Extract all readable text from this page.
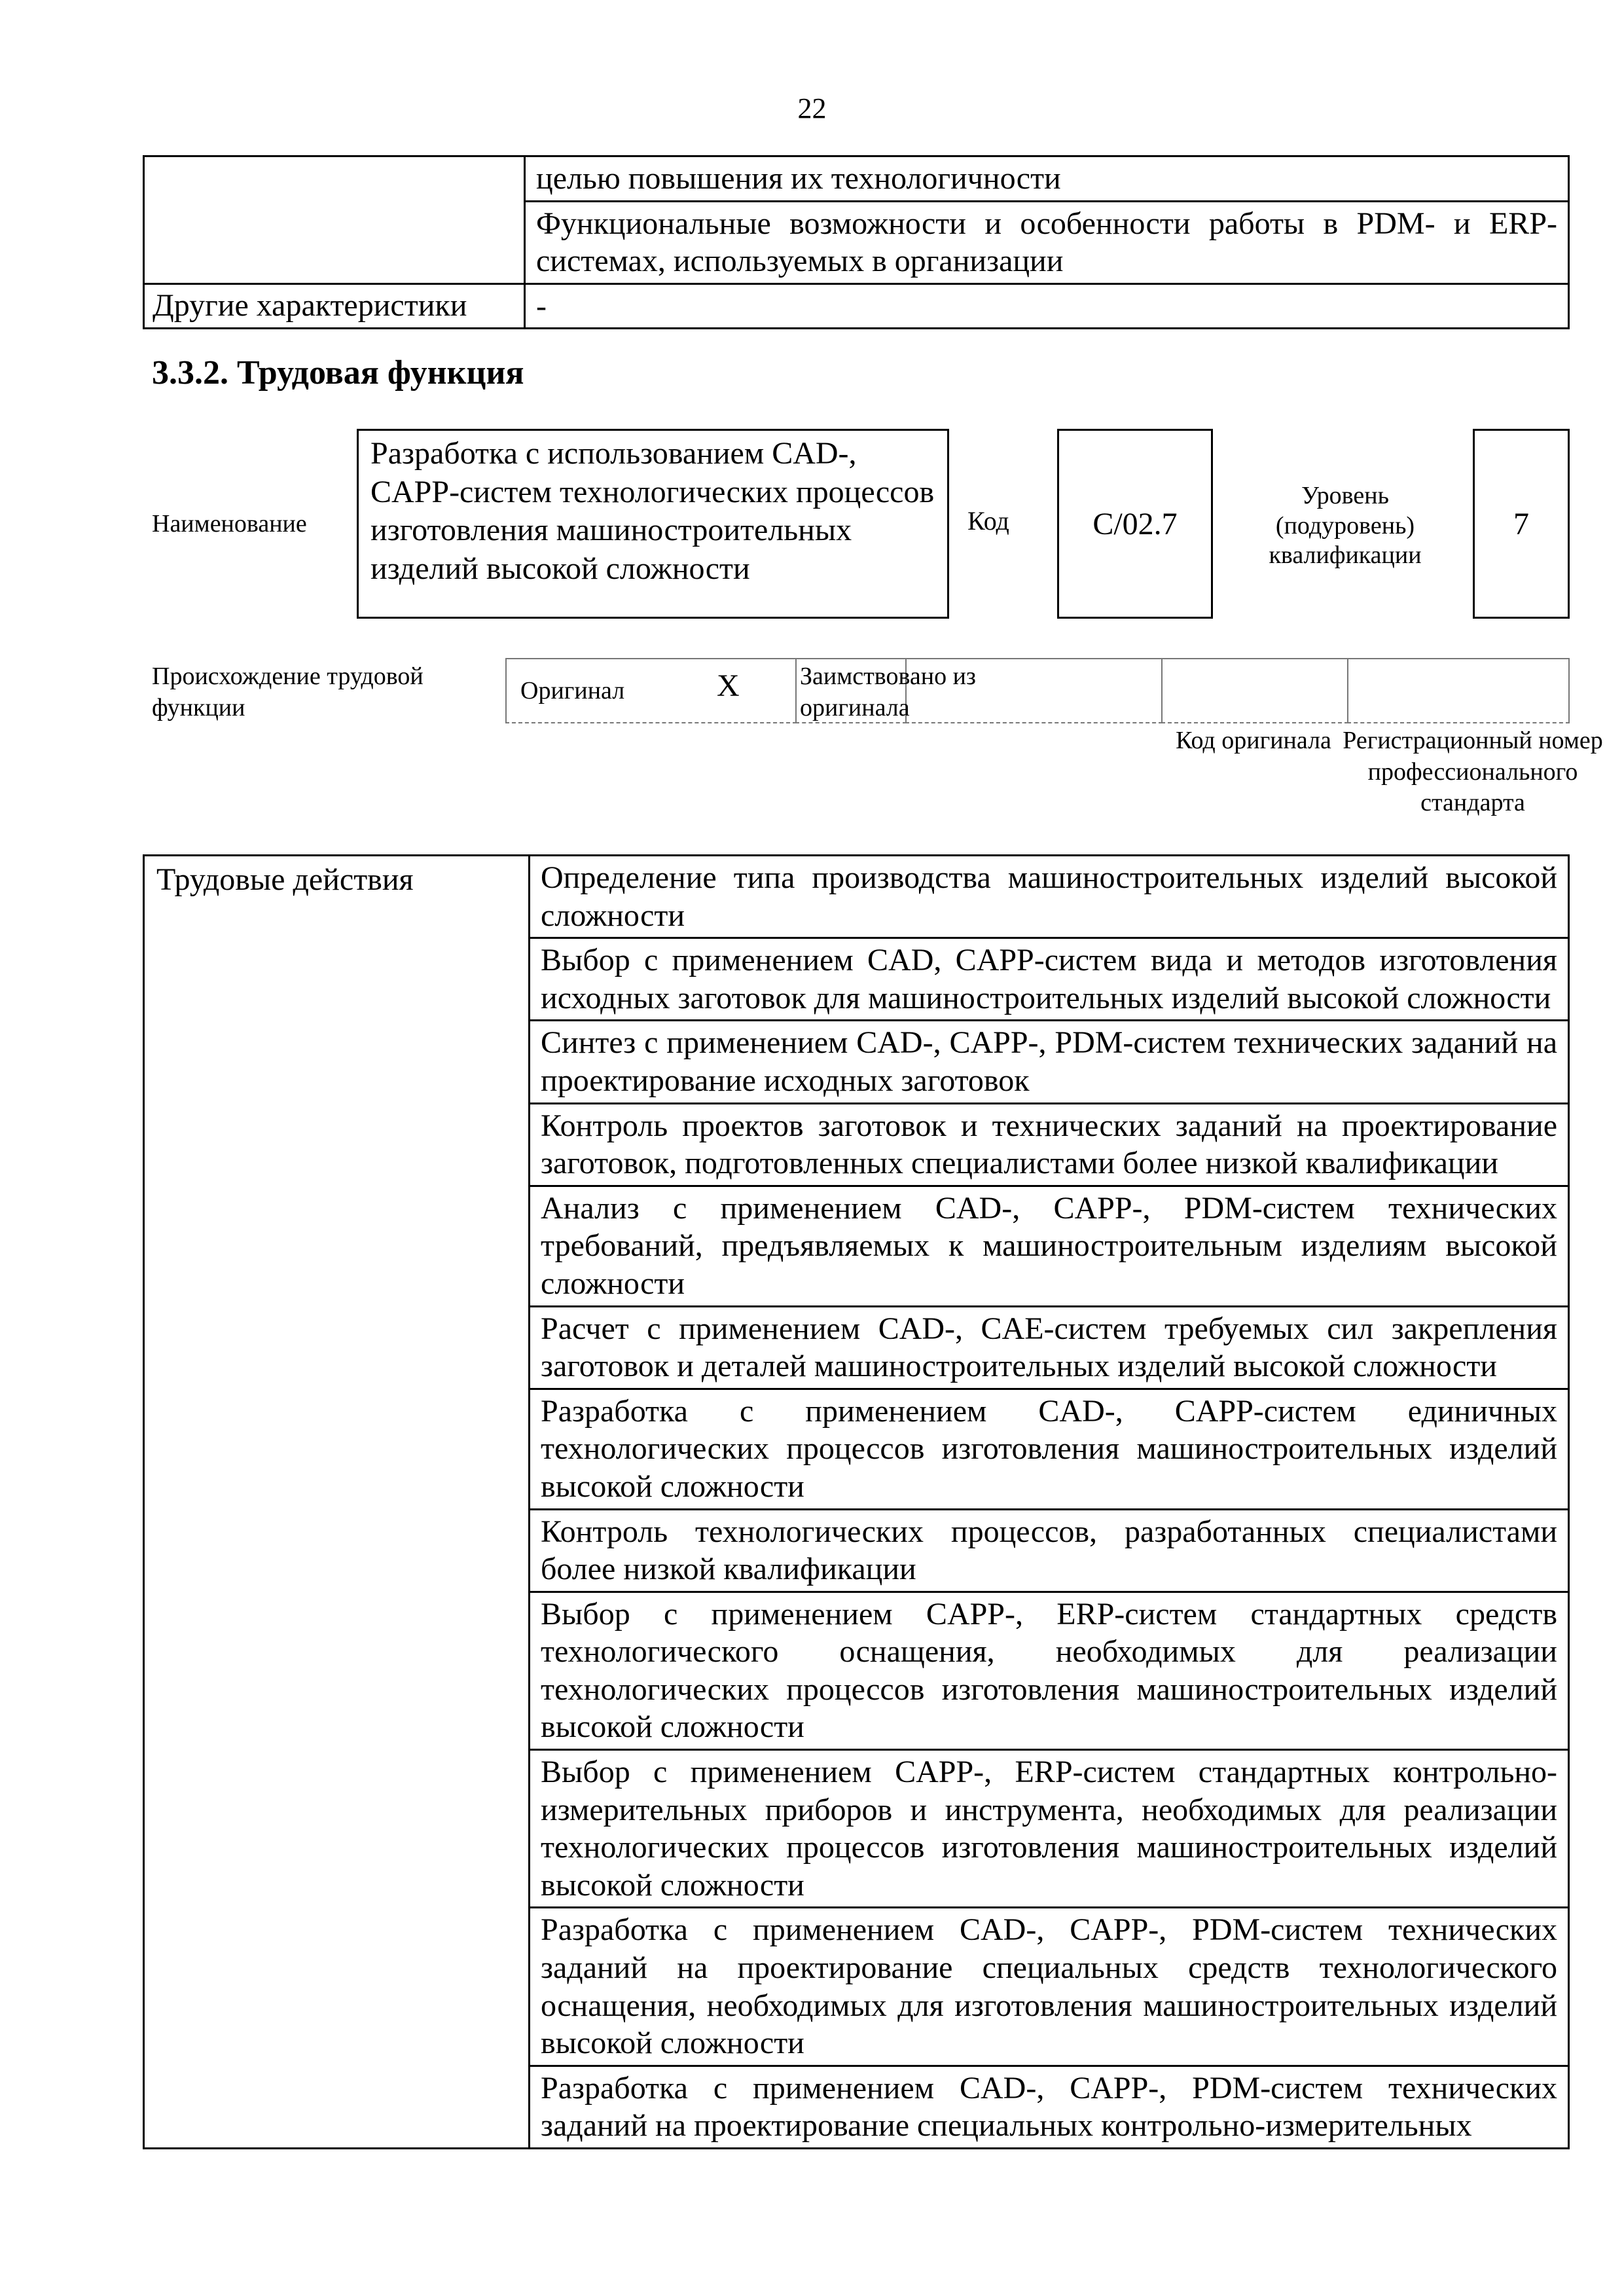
22
	целью повышения их технологичности
	Функциональные возможности и особенности работы в PDM- и ERP-системах, используемых в организации
Другие характеристики	-
3.3.2. Трудовая функция
Наименование
Разработка с использованием CAD-, CAPP-систем технологических процессов изготовления машиностроительных изделий высокой сложности
Код	C/02.7
Уровень (подуровень) квалификации
7
Происхождение трудовой функции
Оригинал	X Заимствовано из оригинала
Код оригинала Регистрационный номер профессионального стандарта
Трудовые действия	Определение типа производства машиностроительных изделий высокой сложности
Выбор с применением CAD, CAPP-систем вида и методов изготовления исходных заготовок для машиностроительных изделий высокой сложности
Синтез с применением CAD-, CAPP-, PDM-систем технических заданий на проектирование исходных заготовок
Контроль проектов заготовок и технических заданий на проектирование заготовок, подготовленных специалистами более низкой квалификации
Анализ с применением CAD-, CAPP-, PDM-систем технических требований, предъявляемых к машиностроительным изделиям высокой сложности
Расчет с применением CAD-, CAE-систем требуемых сил закрепления заготовок и деталей машиностроительных изделий высокой сложности
Разработка с применением CAD-, CAPP-систем единичных технологических процессов изготовления машиностроительных изделий высокой сложности
Контроль технологических процессов, разработанных специалистами более низкой квалификации
Выбор с применением CAPP-, ERP-систем стандартных средств технологического оснащения, необходимых для реализации технологических процессов изготовления машиностроительных изделий высокой сложности
Выбор с применением CAPP-, ERP-систем стандартных контрольно-измерительных приборов и инструмента, необходимых для реализации технологических процессов изготовления машиностроительных изделий высокой сложности
Разработка с применением CAD-, CAPP-, PDM-систем технических заданий на проектирование специальных средств технологического оснащения, необходимых для изготовления машиностроительных изделий высокой сложности
Разработка с применением CAD-, CAPP-, PDM-систем технических заданий на проектирование специальных контрольно-измерительных
